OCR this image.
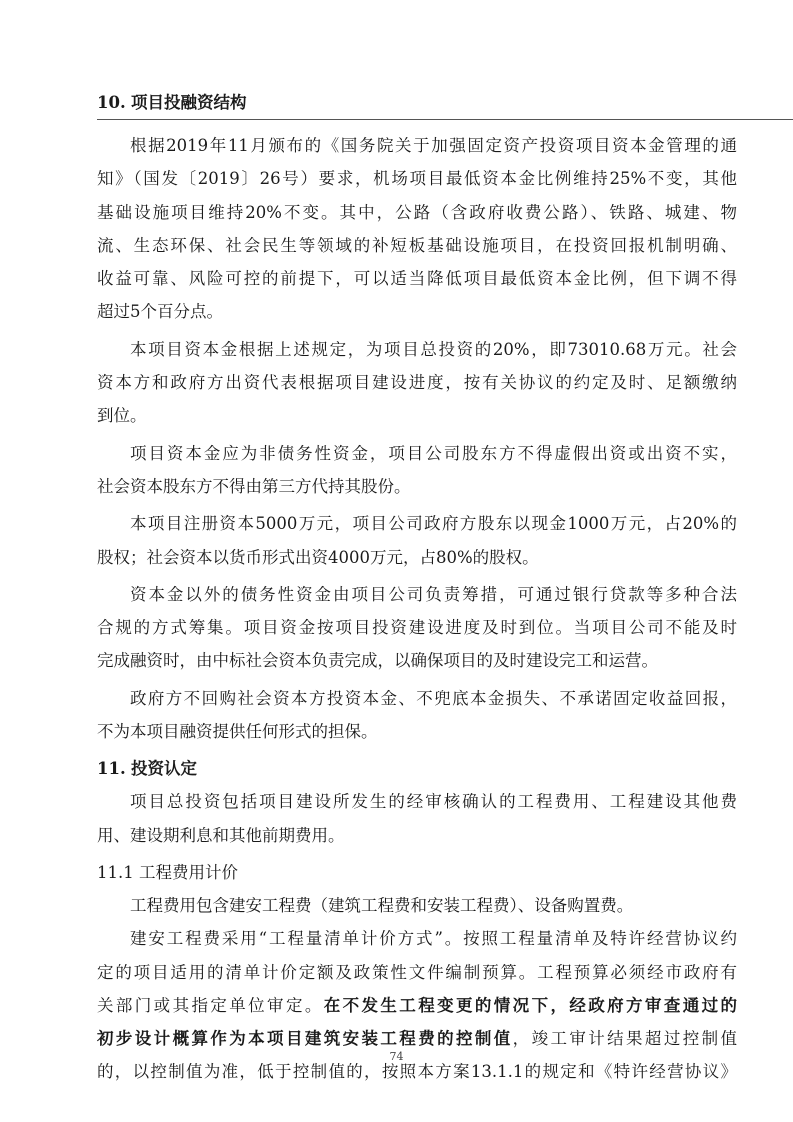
10. 项目投融资结构
根据2019年11月颁布的《国务院关于加强固定资产投资项目资本金管理的通
知》（国发〔2019〕26号）要求，机场项目最低资本金比例维持25%不变，其他
基础设施项目维持20%不变。其中，公路（含政府收费公路）、铁路、城建、物
流、生态环保、社会民生等领域的补短板基础设施项目，在投资回报机制明确、
收益可靠、风险可控的前提下，可以适当降低项目最低资本金比例，但下调不得
超过5个百分点。
本项目资本金根据上述规定，为项目总投资的20%，即73010.68万元。社会
资本方和政府方出资代表根据项目建设进度，按有关协议的约定及时、足额缴纳
到位。
项目资本金应为非债务性资金，项目公司股东方不得虚假出资或出资不实，
社会资本股东方不得由第三方代持其股份。
本项目注册资本5000万元，项目公司政府方股东以现金1000万元，占20%的
股权；社会资本以货币形式出资4000万元，占80%的股权。
资本金以外的债务性资金由项目公司负责筹措，可通过银行贷款等多种合法
合规的方式筹集。项目资金按项目投资建设进度及时到位。当项目公司不能及时
完成融资时，由中标社会资本负责完成，以确保项目的及时建设完工和运营。
政府方不回购社会资本方投资本金、不兜底本金损失、不承诺固定收益回报，
不为本项目融资提供任何形式的担保。
11. 投资认定
项目总投资包括项目建设所发生的经审核确认的工程费用、工程建设其他费
用、建设期利息和其他前期费用。
11.1 工程费用计价
工程费用包含建安工程费（建筑工程费和安装工程费）、设备购置费。
建安工程费采用“工程量清单计价方式”。按照工程量清单及特许经营协议约
定的项目适用的清单计价定额及政策性文件编制预算。工程预算必须经市政府有
关部门或其指定单位审定。在不发生工程变更的情况下，经政府方审查通过的
初步设计概算作为本项目建筑安装工程费的控制值，竣工审计结果超过控制值
的，以控制值为准，低于控制值的，按照本方案13.1.1的规定和《特许经营协议》
74
